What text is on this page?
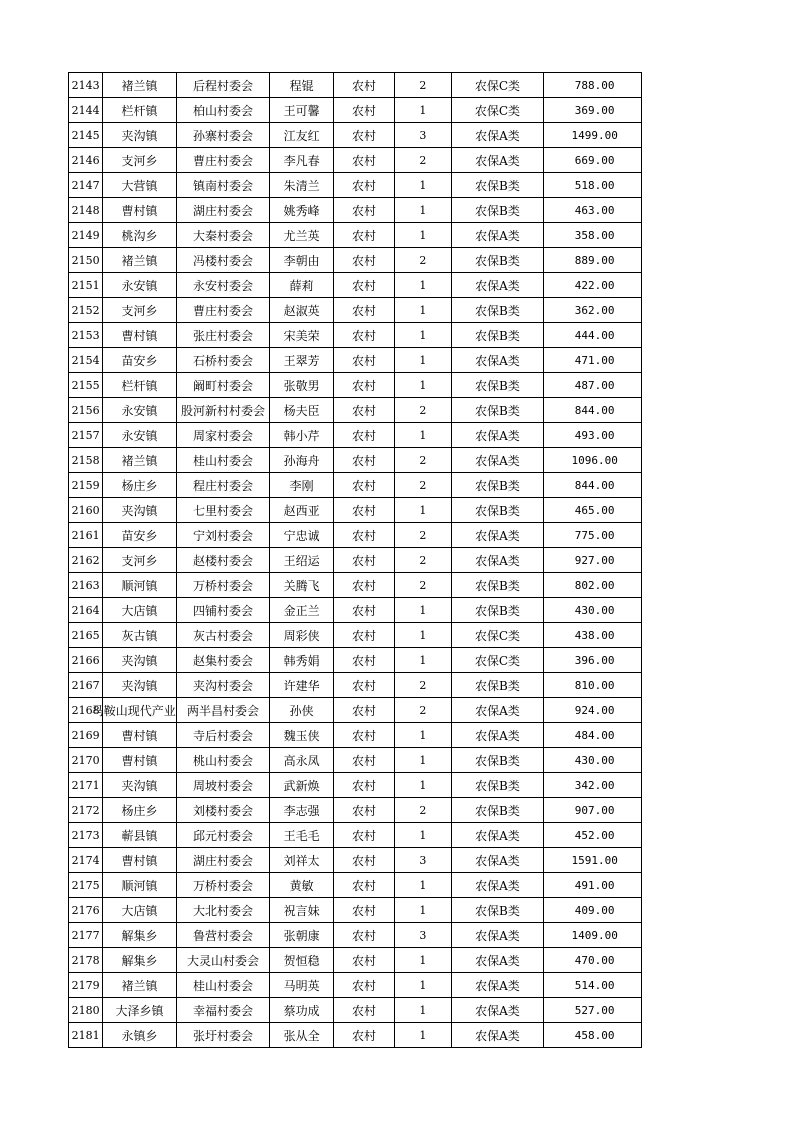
2143	褚兰镇	后程村委会	程锟	农村	2	农保C类	788.00
2144	栏杆镇	柏山村委会	王可馨	农村	1	农保C类	369.00
2145	夹沟镇	孙寨村委会	江友红	农村	3	农保A类	1499.00
2146	支河乡	曹庄村委会	李凡春	农村	2	农保A类	669.00
2147	大营镇	镇南村委会	朱清兰	农村	1	农保B类	518.00
2148	曹村镇	湖庄村委会	姚秀峰	农村	1	农保B类	463.00
2149	桃沟乡	大秦村委会	尤兰英	农村	1	农保A类	358.00
2150	褚兰镇	冯楼村委会	李朝由	农村	2	农保B类	889.00
2151	永安镇	永安村委会	薛莉	农村	1	农保A类	422.00
2152	支河乡	曹庄村委会	赵淑英	农村	1	农保B类	362.00
2153	曹村镇	张庄村委会	宋美荣	农村	1	农保B类	444.00
2154	苗安乡	石桥村委会	王翠芳	农村	1	农保A类	471.00
2155	栏杆镇	阚町村委会	张敬男	农村	1	农保B类	487.00
2156	永安镇	股河新村村委会	杨夫臣	农村	2	农保B类	844.00
2157	永安镇	周家村委会	韩小芹	农村	1	农保A类	493.00
2158	褚兰镇	桂山村委会	孙海舟	农村	2	农保A类	1096.00
2159	杨庄乡	程庄村委会	李刚	农村	2	农保B类	844.00
2160	夹沟镇	七里村委会	赵西亚	农村	1	农保B类	465.00
2161	苗安乡	宁刘村委会	宁忠诚	农村	2	农保A类	775.00
2162	支河乡	赵楼村委会	王绍运	农村	2	农保A类	927.00
2163	顺河镇	万桥村委会	关腾飞	农村	2	农保B类	802.00
2164	大店镇	四铺村委会	金正兰	农村	1	农保B类	430.00
2165	灰古镇	灰古村委会	周彩侠	农村	1	农保C类	438.00
2166	夹沟镇	赵集村委会	韩秀娟	农村	1	农保C类	396.00
2167	夹沟镇	夹沟村委会	许建华	农村	2	农保B类	810.00
2168	马鞍山现代产业	两半昌村委会	孙侠	农村	2	农保A类	924.00
2169	曹村镇	寺后村委会	魏玉侠	农村	1	农保A类	484.00
2170	曹村镇	桃山村委会	高永凤	农村	1	农保B类	430.00
2171	夹沟镇	周坡村委会	武新焕	农村	1	农保B类	342.00
2172	杨庄乡	刘楼村委会	李志强	农村	2	农保B类	907.00
2173	蕲县镇	邱元村委会	王毛毛	农村	1	农保A类	452.00
2174	曹村镇	湖庄村委会	刘祥太	农村	3	农保A类	1591.00
2175	顺河镇	万桥村委会	黄敏	农村	1	农保A类	491.00
2176	大店镇	大北村委会	祝言妹	农村	1	农保B类	409.00
2177	解集乡	鲁营村委会	张朝康	农村	3	农保A类	1409.00
2178	解集乡	大灵山村委会	贺恒稳	农村	1	农保A类	470.00
2179	褚兰镇	桂山村委会	马明英	农村	1	农保A类	514.00
2180	大泽乡镇	幸福村委会	蔡功成	农村	1	农保A类	527.00
2181	永镇乡	张圩村委会	张从全	农村	1	农保A类	458.00
